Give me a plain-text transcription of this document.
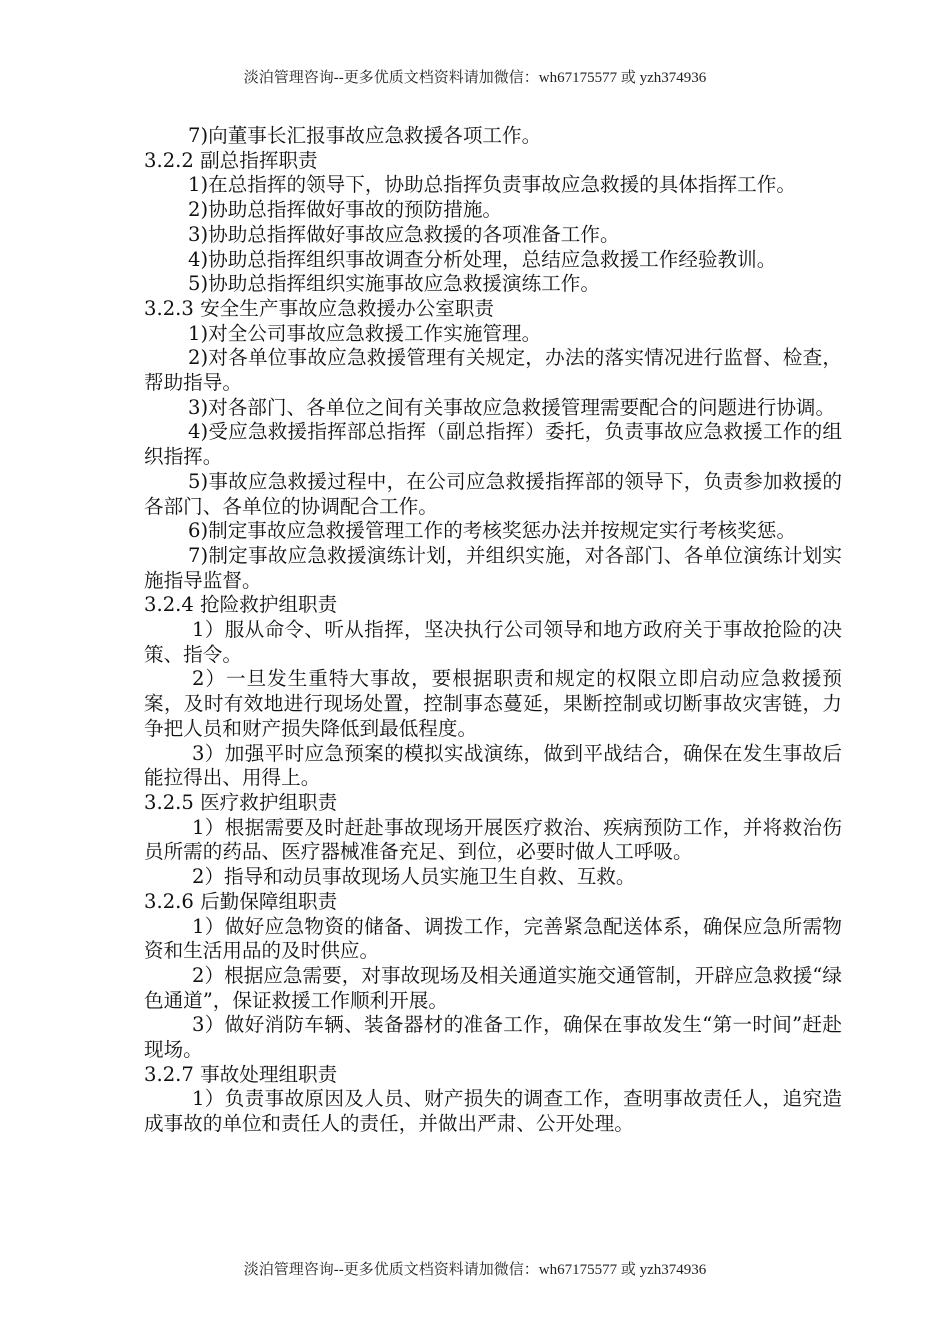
淡泊管理咨询--更多优质文档资料请加微信：wh67175577 或 yzh374936

7)向董事长汇报事故应急救援各项工作。

3.2.2 副总指挥职责

1)在总指挥的领导下，协助总指挥负责事故应急救援的具体指挥工作。

2)协助总指挥做好事故的预防措施。

3)协助总指挥做好事故应急救援的各项准备工作。

4)协助总指挥组织事故调查分析处理，总结应急救援工作经验教训。

5)协助总指挥组织实施事故应急救援演练工作。

3.2.3 安全生产事故应急救援办公室职责

1)对全公司事故应急救援工作实施管理。

2)对各单位事故应急救援管理有关规定，办法的落实情况进行监督、检查，帮助指导。

3)对各部门、各单位之间有关事故应急救援管理需要配合的问题进行协调。

4)受应急救援指挥部总指挥（副总指挥）委托，负责事故应急救援工作的组织指挥。

5)事故应急救援过程中，在公司应急救援指挥部的领导下，负责参加救援的各部门、各单位的协调配合工作。

6)制定事故应急救援管理工作的考核奖惩办法并按规定实行考核奖惩。

7)制定事故应急救援演练计划，并组织实施，对各部门、各单位演练计划实施指导监督。

3.2.4 抢险救护组职责

1）服从命令、听从指挥，坚决执行公司领导和地方政府关于事故抢险的决策、指令。

2）一旦发生重特大事故，要根据职责和规定的权限立即启动应急救援预案，及时有效地进行现场处置，控制事态蔓延，果断控制或切断事故灾害链，力争把人员和财产损失降低到最低程度。

3）加强平时应急预案的模拟实战演练，做到平战结合，确保在发生事故后能拉得出、用得上。

3.2.5 医疗救护组职责

1）根据需要及时赶赴事故现场开展医疗救治、疾病预防工作，并将救治伤员所需的药品、医疗器械准备充足、到位，必要时做人工呼吸。

2）指导和动员事故现场人员实施卫生自救、互救。

3.2.6 后勤保障组职责

1）做好应急物资的储备、调拨工作，完善紧急配送体系，确保应急所需物资和生活用品的及时供应。

2）根据应急需要，对事故现场及相关通道实施交通管制，开辟应急救援“绿色通道”，保证救援工作顺利开展。

3）做好消防车辆、装备器材的准备工作，确保在事故发生“第一时间”赶赴现场。

3.2.7 事故处理组职责

1）负责事故原因及人员、财产损失的调查工作，查明事故责任人，追究造成事故的单位和责任人的责任，并做出严肃、公开处理。

淡泊管理咨询--更多优质文档资料请加微信：wh67175577 或 yzh374936
